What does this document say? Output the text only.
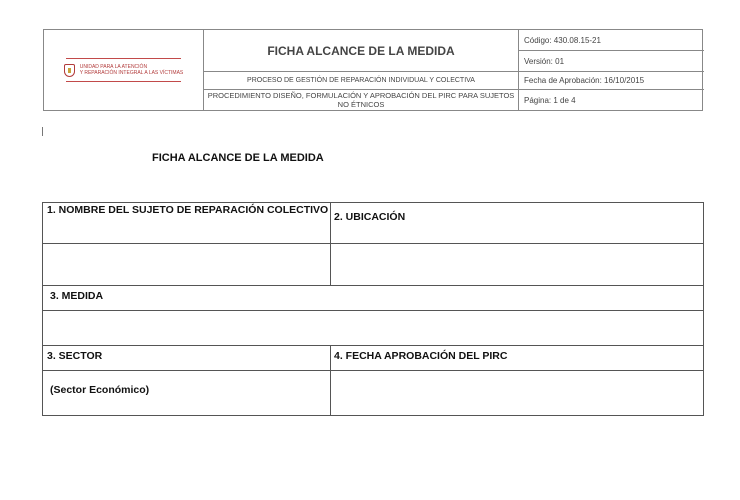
UNIDAD PARA LA ATENCIÓN
Y REPARACIÓN INTEGRAL A LAS VÍCTIMAS
FICHA ALCANCE DE LA MEDIDA
PROCESO DE GESTIÓN DE REPARACIÓN INDIVIDUAL Y COLECTIVA
PROCEDIMIENTO DISEÑO, FORMULACIÓN Y APROBACIÓN DEL PIRC PARA SUJETOS NO ÉTNICOS
Código: 430.08.15-21
Versión: 01
Fecha de Aprobación: 16/10/2015
Página: 1 de 4
FICHA ALCANCE DE LA MEDIDA
1. NOMBRE DEL SUJETO DE REPARACIÓN COLECTIVO
2. UBICACIÓN
3. MEDIDA
3. SECTOR	4. FECHA APROBACIÓN DEL PIRC
(Sector Económico)
